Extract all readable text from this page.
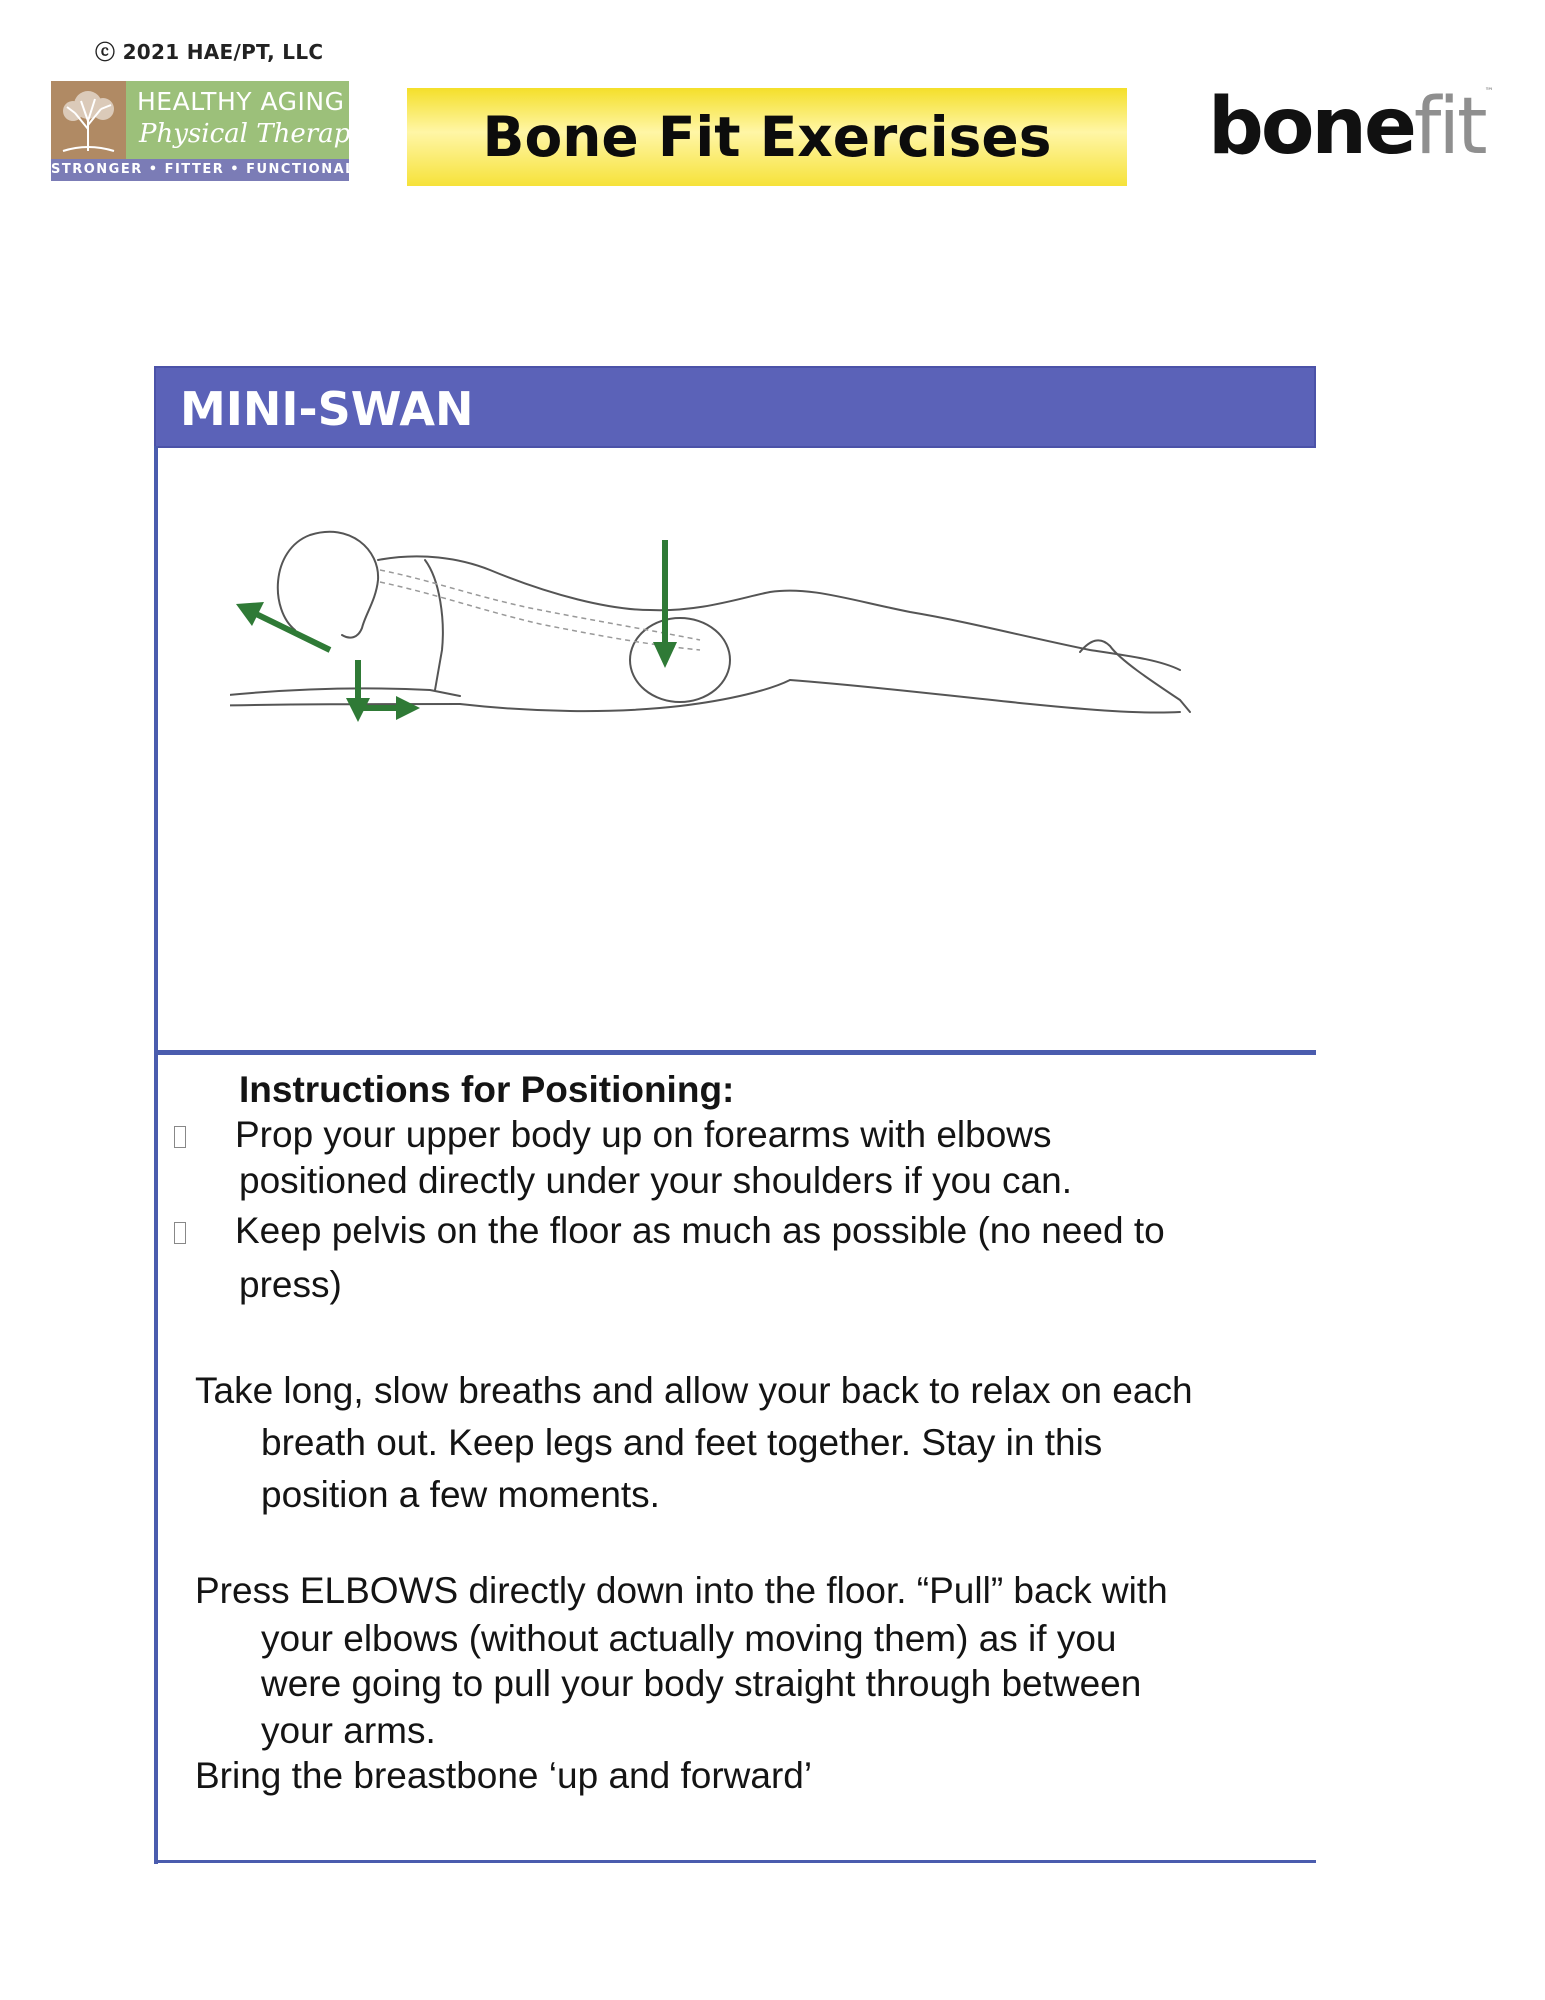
ⓒ 2021 HAE/PT, LLC
HEALTHY AGING
Physical Therapy
STRONGER • FITTER • FUNCTIONAL
Bone Fit Exercises bonefit™
MINI-SWAN
Instructions for Positioning:
Prop your upper body up on forearms with elbows
positioned directly under your shoulders if you can.
Keep pelvis on the floor as much as possible (no need to
press)
Take long, slow breaths and allow your back to relax on each
breath out. Keep legs and feet together. Stay in this
position a few moments.
Press ELBOWS directly down into the floor. “Pull” back with
your elbows (without actually moving them) as if you
were going to pull your body straight through between
your arms.
Bring the breastbone ‘up and forward’
